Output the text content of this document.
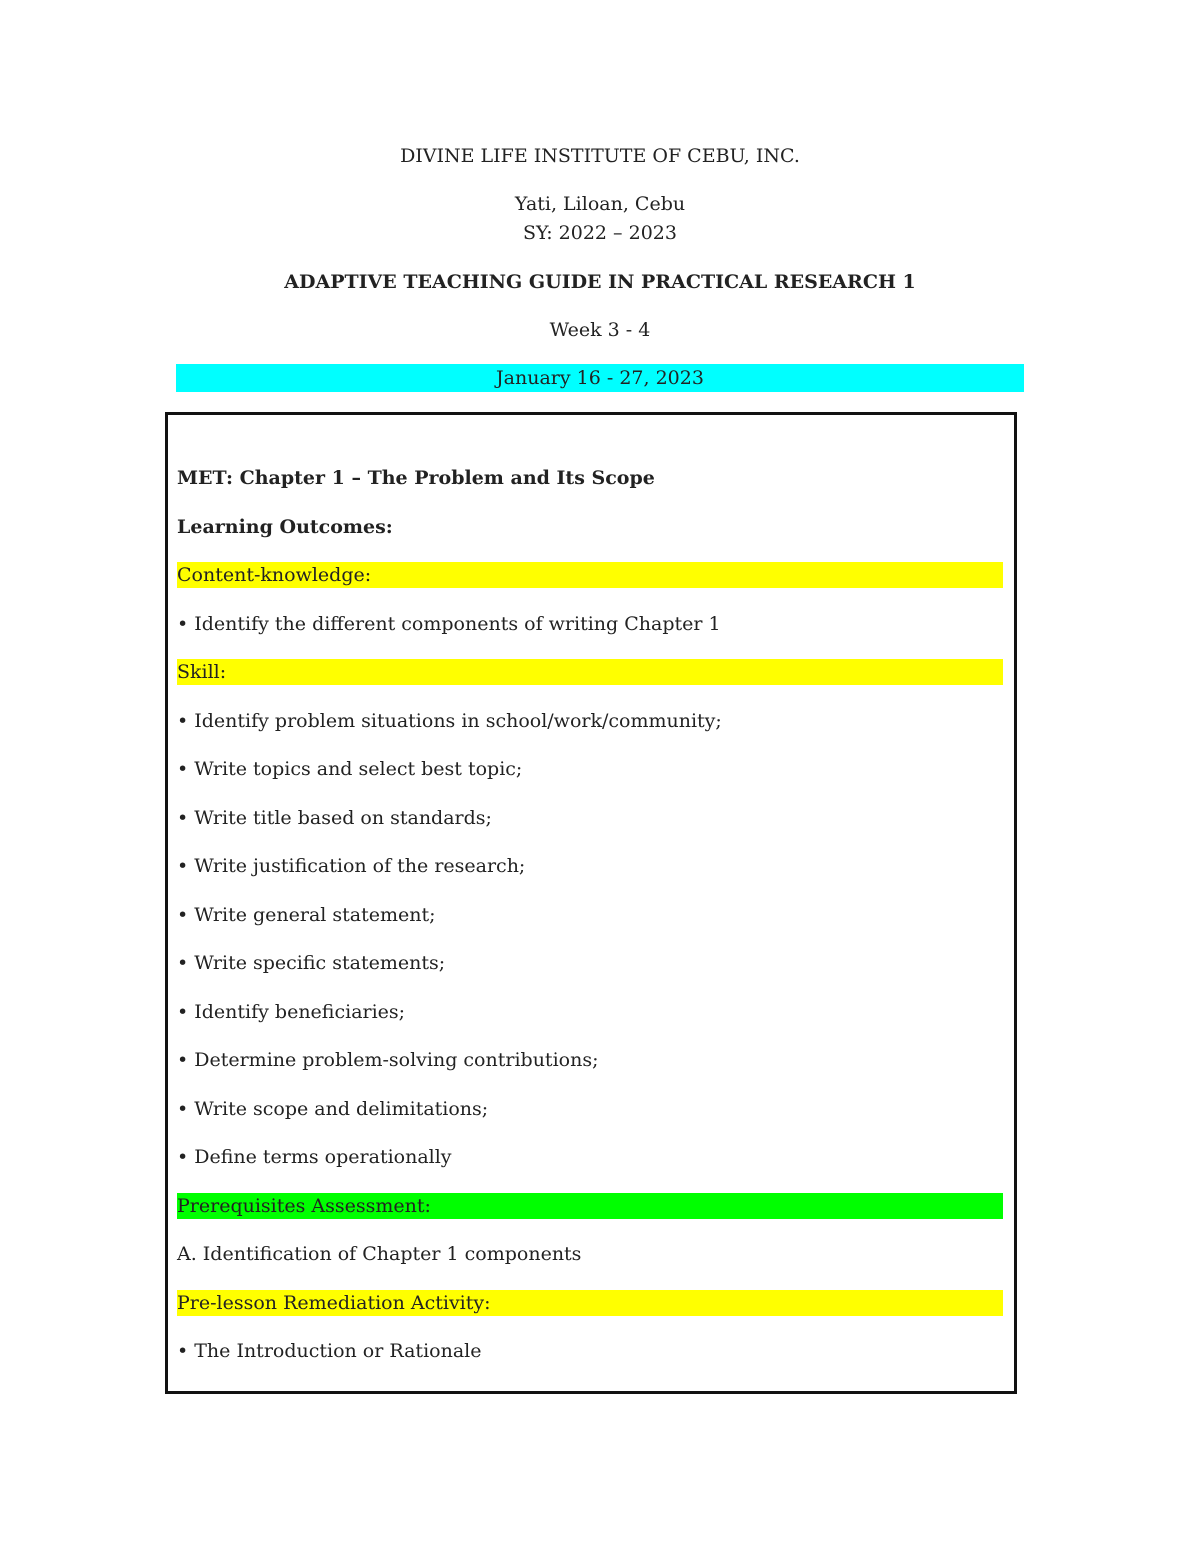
DIVINE LIFE INSTITUTE OF CEBU, INC.
Yati, Liloan, Cebu
SY: 2022 – 2023
ADAPTIVE TEACHING GUIDE IN PRACTICAL RESEARCH 1
Week 3 - 4
January 16 - 27, 2023
MET: Chapter 1 – The Problem and Its Scope
Learning Outcomes:
Content-knowledge:
• Identify the different components of writing Chapter 1
Skill:
• Identify problem situations in school/work/community;
• Write topics and select best topic;
• Write title based on standards;
• Write justification of the research;
• Write general statement;
• Write specific statements;
• Identify beneficiaries;
• Determine problem-solving contributions;
• Write scope and delimitations;
• Define terms operationally
Prerequisites Assessment:
A. Identification of Chapter 1 components
Pre-lesson Remediation Activity:
• The Introduction or Rationale
